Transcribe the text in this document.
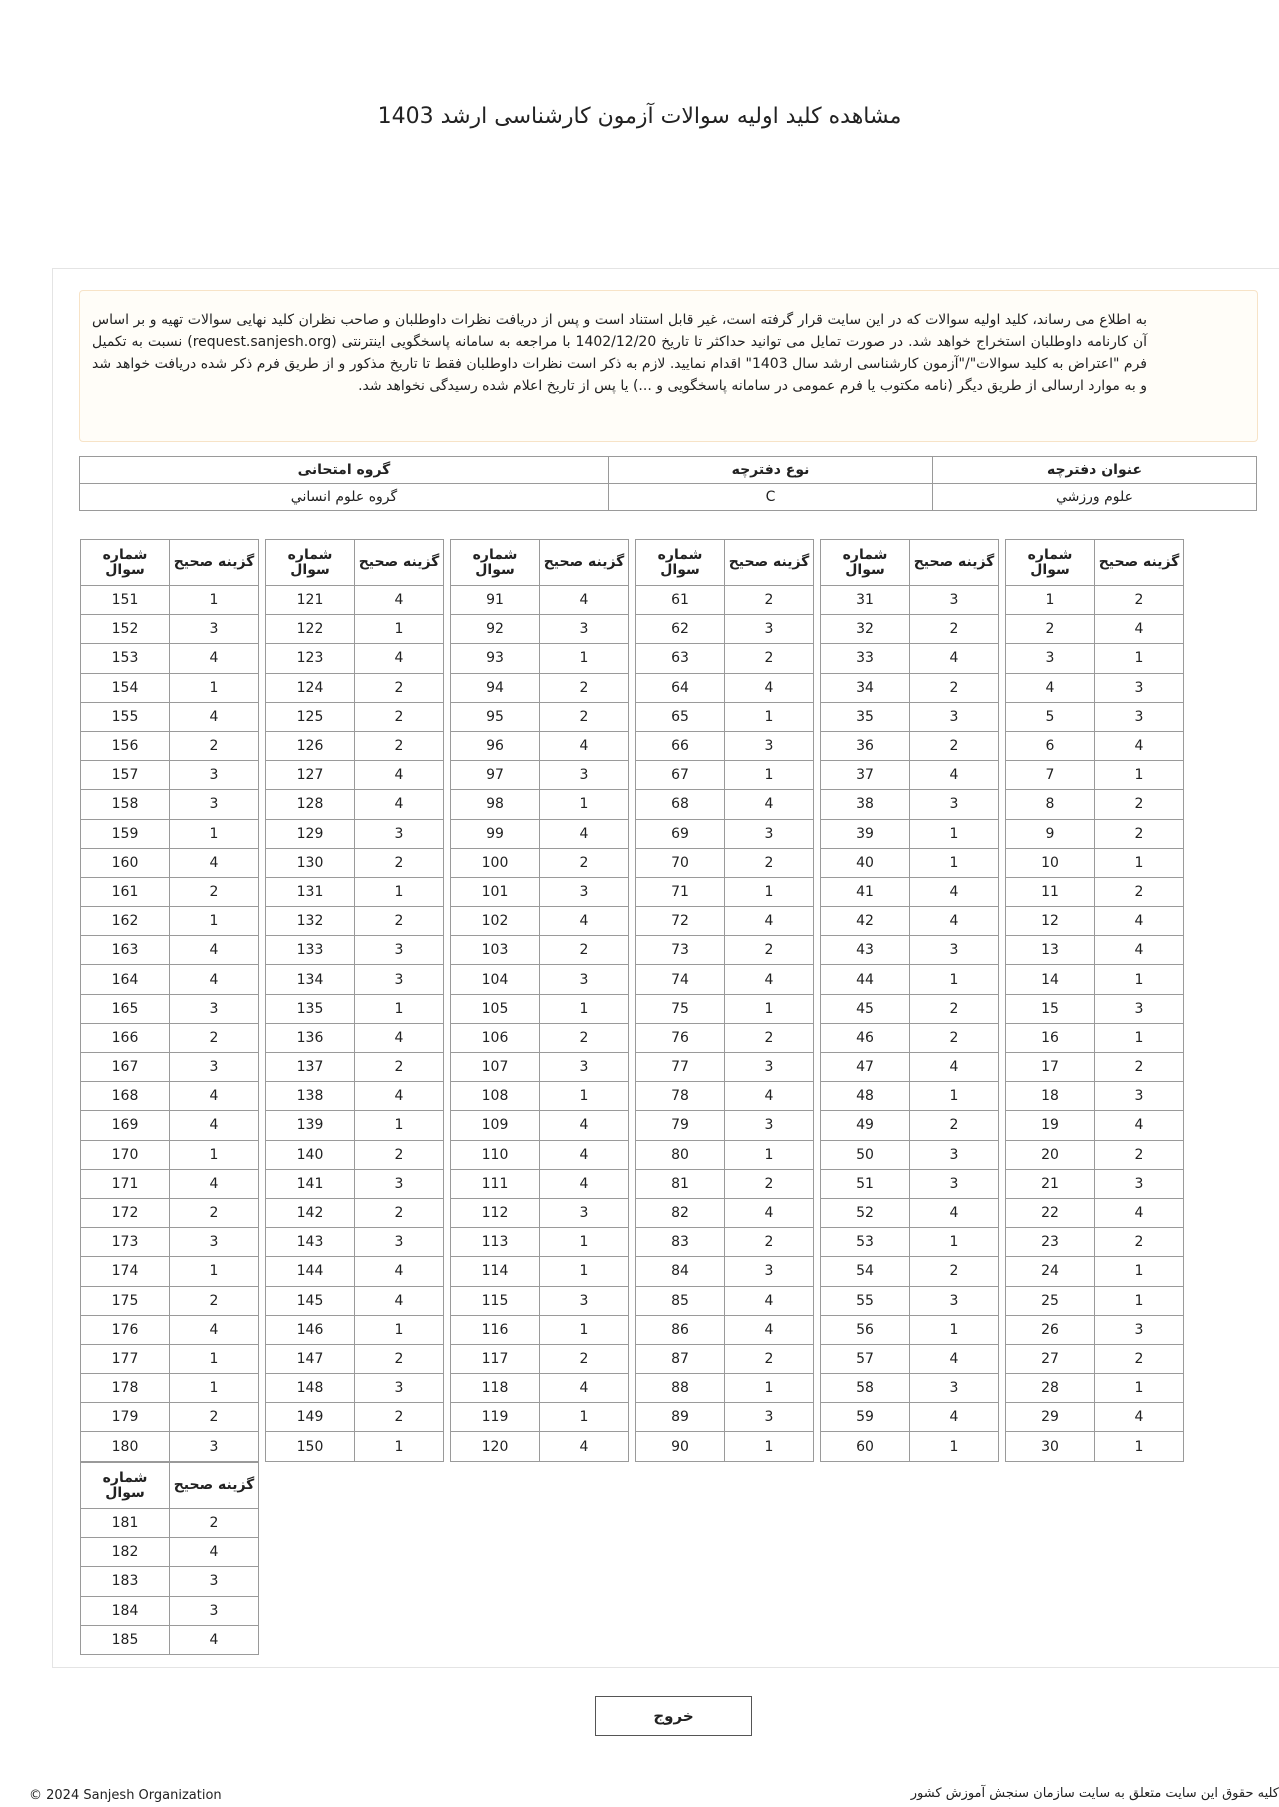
مشاهده کلید اولیه سوالات آزمون کارشناسی ارشد 1403
به اطلاع می رساند، کلید اولیه سوالات که در این سایت قرار گرفته است، غیر قابل استناد است و پس از دریافت نظرات داوطلبان و صاحب نظران کلید نهایی سوالات تهیه و بر اساس آن کارنامه داوطلبان استخراج خواهد شد. در صورت تمایل می توانید حداکثر تا تاریخ 1402/12/20 با مراجعه به سامانه پاسخگویی اینترنتی (request.sanjesh.org) نسبت به تکمیل فرم "اعتراض به کلید سوالات"/"آزمون کارشناسی ارشد سال 1403" اقدام نمایید. لازم به ذکر است نظرات داوطلبان فقط تا تاریخ مذکور و از طریق فرم ذکر شده دریافت خواهد شد و به موارد ارسالی از طریق دیگر (نامه مکتوب یا فرم عمومی در سامانه پاسخگویی و ...) یا پس از تاریخ اعلام شده رسیدگی نخواهد شد.
عنوان دفترچه	نوع دفترچه	گروه امتحانی
علوم ورزشي	C	گروه علوم انساني
گزینه صحیح	شماره سوال
2	1
4	2
1	3
3	4
3	5
4	6
1	7
2	8
2	9
1	10
2	11
4	12
4	13
1	14
3	15
1	16
2	17
3	18
4	19
2	20
3	21
4	22
2	23
1	24
1	25
3	26
2	27
1	28
4	29
1	30
گزینه صحیح	شماره سوال
3	31
2	32
4	33
2	34
3	35
2	36
4	37
3	38
1	39
1	40
4	41
4	42
3	43
1	44
2	45
2	46
4	47
1	48
2	49
3	50
3	51
4	52
1	53
2	54
3	55
1	56
4	57
3	58
4	59
1	60
گزینه صحیح	شماره سوال
2	61
3	62
2	63
4	64
1	65
3	66
1	67
4	68
3	69
2	70
1	71
4	72
2	73
4	74
1	75
2	76
3	77
4	78
3	79
1	80
2	81
4	82
2	83
3	84
4	85
4	86
2	87
1	88
3	89
1	90
گزینه صحیح	شماره سوال
4	91
3	92
1	93
2	94
2	95
4	96
3	97
1	98
4	99
2	100
3	101
4	102
2	103
3	104
1	105
2	106
3	107
1	108
4	109
4	110
4	111
3	112
1	113
1	114
3	115
1	116
2	117
4	118
1	119
4	120
گزینه صحیح	شماره سوال
4	121
1	122
4	123
2	124
2	125
2	126
4	127
4	128
3	129
2	130
1	131
2	132
3	133
3	134
1	135
4	136
2	137
4	138
1	139
2	140
3	141
2	142
3	143
4	144
4	145
1	146
2	147
3	148
2	149
1	150
گزینه صحیح	شماره سوال
1	151
3	152
4	153
1	154
4	155
2	156
3	157
3	158
1	159
4	160
2	161
1	162
4	163
4	164
3	165
2	166
3	167
4	168
4	169
1	170
4	171
2	172
3	173
1	174
2	175
4	176
1	177
1	178
2	179
3	180
گزینه صحیح	شماره سوال
2	181
4	182
3	183
3	184
4	185
خروج
© 2024 Sanjesh Organization	کلیه حقوق این سایت متعلق به سایت سازمان سنجش آموزش کشور
